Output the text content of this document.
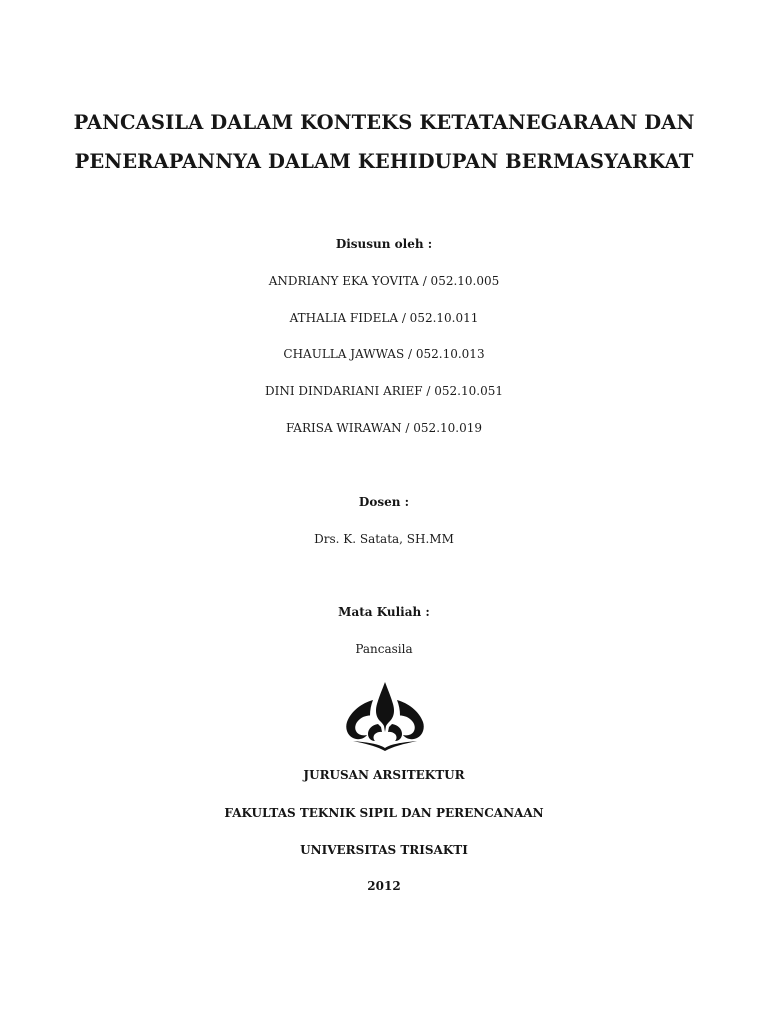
PANCASILA DALAM KONTEKS KETATANEGARAAN DAN
PENERAPANNYA DALAM KEHIDUPAN BERMASYARKAT
Disusun oleh :
ANDRIANY EKA YOVITA / 052.10.005
ATHALIA FIDELA / 052.10.011
CHAULLA JAWWAS / 052.10.013
DINI DINDARIANI ARIEF / 052.10.051
FARISA WIRAWAN / 052.10.019
Dosen :
Drs. K. Satata, SH.MM
Mata Kuliah :
Pancasila
JURUSAN ARSITEKTUR
FAKULTAS TEKNIK SIPIL DAN PERENCANAAN
UNIVERSITAS TRISAKTI
2012
